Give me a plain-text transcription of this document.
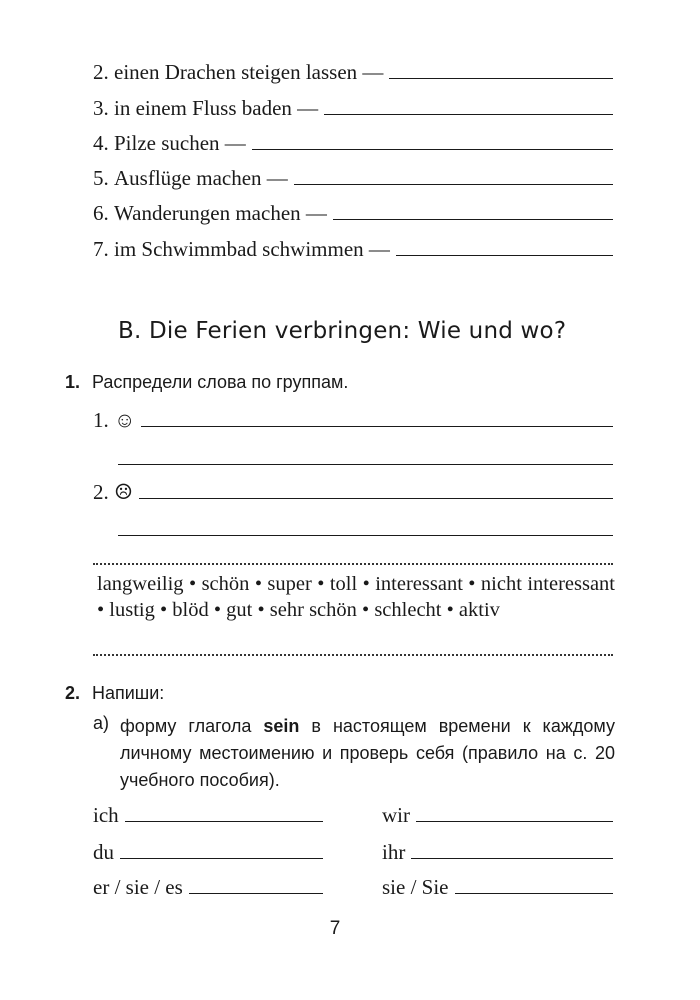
2.
einen Drachen steigen lassen —
3.
in einem Fluss baden —
4.
Pilze suchen —
5.
Ausflüge machen —
6.
Wanderungen machen —
7.
im Schwimmbad schwimmen —
B. Die Ferien verbringen: Wie und wo?
1. Распредели слова по группам.
1.
☺
2.
☹
langweilig • schön • super • toll • interessant • nicht interessant • lustig • blöd • gut • sehr schön • schlecht • aktiv
2. Напиши:
а) форму глагола sein в настоящем времени к каждому личному местоимению и проверь себя (правило на с. 20 учебного пособия).
ich
du
er / sie / es
wir
ihr
sie / Sie
7
